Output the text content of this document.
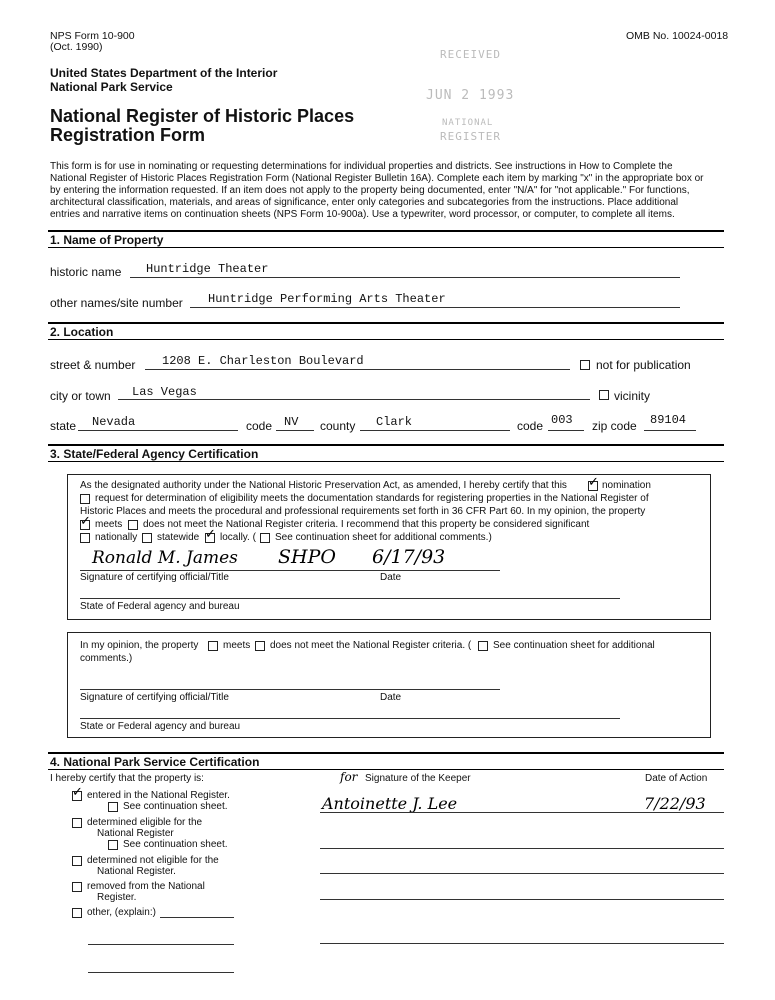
NPS Form 10-900
(Oct. 1990)
OMB No. 10024-0018
United States Department of the Interior
National Park Service
National Register of Historic Places
Registration Form
RECEIVED
JUN 2 1993
NATIONAL
REGISTER
This form is for use in nominating or requesting determinations for individual properties and districts. See instructions in How to Complete the
National Register of Historic Places Registration Form (National Register Bulletin 16A). Complete each item by marking "x" in the appropriate box or
by entering the information requested. If an item does not apply to the property being documented, enter "N/A" for "not applicable." For functions,
architectural classification, materials, and areas of significance, enter only categories and subcategories from the instructions. Place additional
entries and narrative items on continuation sheets (NPS Form 10-900a). Use a typewriter, word processor, or computer, to complete all items.
1. Name of Property
historic name Huntridge Theater
other names/site number Huntridge Performing Arts Theater
2. Location
street & number 1208 E. Charleston Boulevard	not for publication
city or town Las Vegas	vicinity
state Nevada	code NV county Clark	code 003 zip code 89104
3. State/Federal Agency Certification
As the designated authority under the National Historic Preservation Act, as amended, I hereby certify that this ✓	nomination
request for determination of eligibility meets the documentation standards for registering properties in the National Register of
Historic Places and meets the procedural and professional requirements set forth in 36 CFR Part 60. In my opinion, the property
✓
meets does not meet the National Register criteria. I recommend that this property be considered significant
nationally statewide ✓ locally. ( See continuation sheet for additional comments.)
Ronald M. James SHPO 6/17/93
Signature of certifying official/Title	Date
State of Federal agency and bureau
In my opinion, the property meets does not meet the National Register criteria. ( See continuation sheet for additional
comments.)
Signature of certifying official/Title	Date
State or Federal agency and bureau
4. National Park Service Certification
I hereby certify that the property is:	for Signature of the Keeper	Date of Action
Antoinette J. Lee	7/22/93
✓
entered in the National Register.
See continuation sheet.
determined eligible for the
National Register
See continuation sheet.
determined not eligible for the
National Register.
removed from the National
Register.
other, (explain:)
